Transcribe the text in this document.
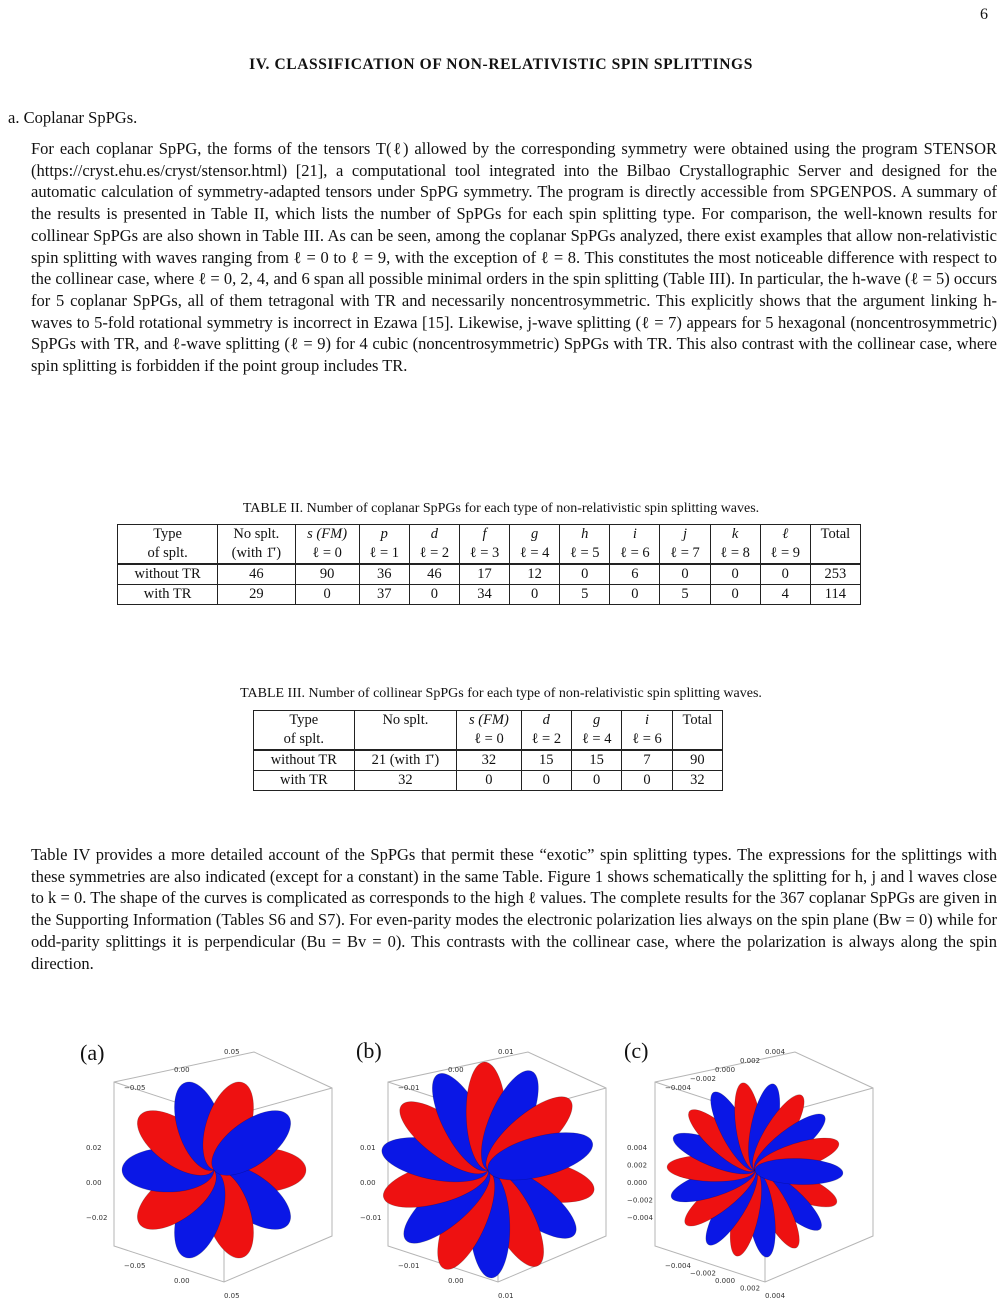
6
IV. CLASSIFICATION OF NON-RELATIVISTIC SPIN SPLITTINGS
a. Coplanar SpPGs.

For each coplanar SpPG, the forms of the tensors T(ℓ) allowed by the corresponding symmetry were obtained using the program STENSOR (https://cryst.ehu.es/cryst/stensor.html) [21], a computational tool integrated into the Bilbao Crystallographic Server and designed for the automatic calculation of symmetry-adapted tensors under SpPG symmetry. The program is directly accessible from SPGENPOS. A summary of the results is presented in Table II, which lists the number of SpPGs for each spin splitting type. For comparison, the well-known results for collinear SpPGs are also shown in Table III. As can be seen, among the coplanar SpPGs analyzed, there exist examples that allow non-relativistic spin splitting with waves ranging from ℓ = 0 to ℓ = 9, with the exception of ℓ = 8. This constitutes the most noticeable difference with respect to the collinear case, where ℓ = 0, 2, 4, and 6 span all possible minimal orders in the spin splitting (Table III). In particular, the h-wave (ℓ = 5) occurs for 5 coplanar SpPGs, all of them tetragonal with TR and necessarily noncentrosymmetric. This explicitly shows that the argument linking h-waves to 5-fold rotational symmetry is incorrect in Ezawa [15]. Likewise, j-wave splitting (ℓ = 7) appears for 5 hexagonal (noncentrosymmetric) SpPGs with TR, and ℓ-wave splitting (ℓ = 9) for 4 cubic (noncentrosymmetric) SpPGs with TR. This also contrast with the collinear case, where spin splitting is forbidden if the point group includes TR.

TABLE II. Number of coplanar SpPGs for each type of non-relativistic spin splitting waves.
Type	No splt.	s (FM)	p	d	f	g	h	i	j	k	ℓ	Total
of splt.	(with 1̄′)	ℓ = 0	ℓ = 1	ℓ = 2	ℓ = 3	ℓ = 4	ℓ = 5	ℓ = 6	ℓ = 7	ℓ = 8	ℓ = 9	
without TR	46	90	36	46	17	12	0	6	0	0	0	253
with TR	29	0	37	0	34	0	5	0	5	0	4	114
TABLE III. Number of collinear SpPGs for each type of non-relativistic spin splitting waves.
Type	No splt.	s (FM)	d	g	i	Total
of splt.		ℓ = 0	ℓ = 2	ℓ = 4	ℓ = 6	
without TR	21 (with 1̄′)	32	15	15	7	90
with TR	32	0	0	0	0	32

Table IV provides a more detailed account of the SpPGs that permit these “exotic” spin splitting types. The expressions for the splittings with these symmetries are also indicated (except for a constant) in the same Table. Figure 1 shows schematically the splitting for h, j and l waves close to k = 0. The shape of the curves is complicated as corresponds to the high ℓ values. The complete results for the 367 coplanar SpPGs are given in the Supporting Information (Tables S6 and S7). For even-parity modes the electronic polarization lies always on the spin plane (Bw = 0) while for odd-parity splittings it is perpendicular (Bu = Bv = 0). This contrasts with the collinear case, where the polarization is always along the spin direction.

0.05
0.00
−0.05
0.02
0.00
−0.02
−0.05
0.00
0.05
(a)	0.01
0.00
−0.01
0.01
0.00
−0.01
−0.01
0.00
0.01
(b)	0.004
0.002
0.000
−0.002
−0.004
0.004
0.002
0.000
−0.002
−0.004
−0.004
−0.002
0.000
0.002
0.004
(c)
